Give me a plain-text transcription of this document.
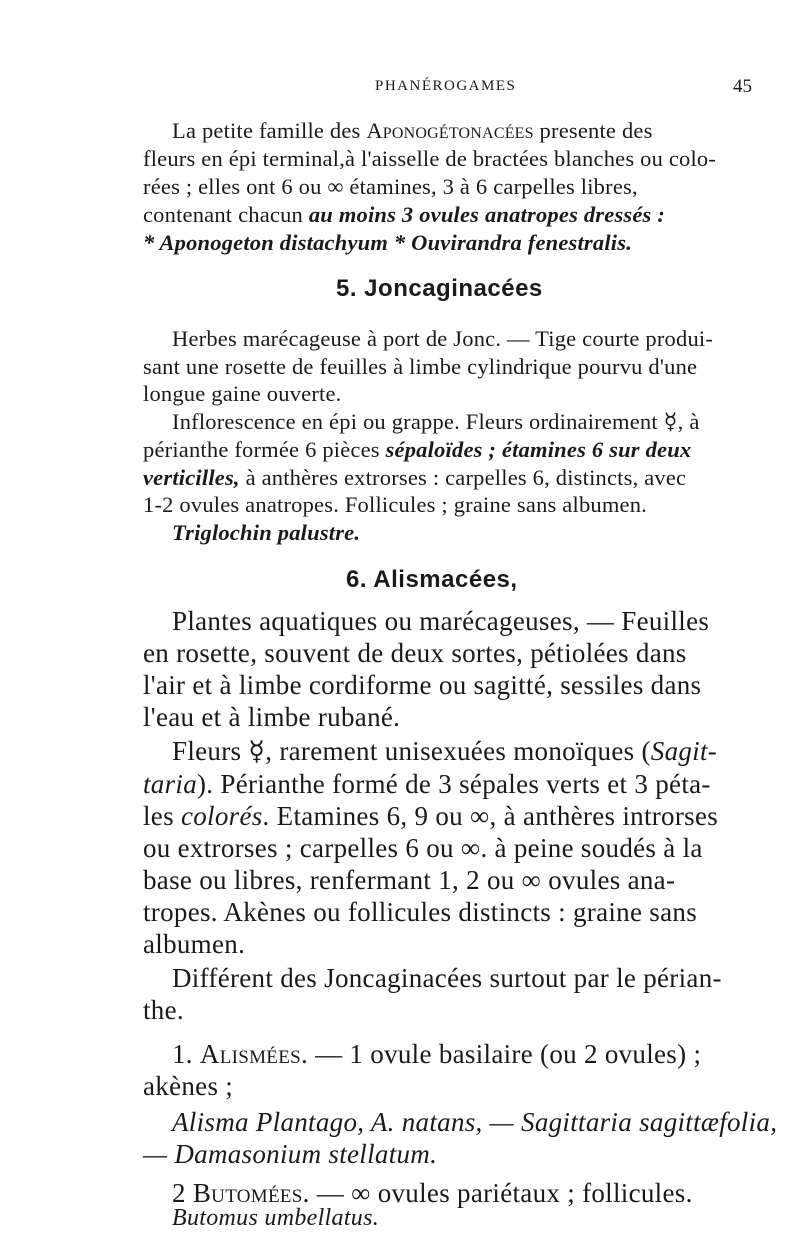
PHANÉROGAMES	45

La petite famille des Aponogétonacées presente des

fleurs en épi terminal,à l'aisselle de bractées blanches ou colo-

rées ; elles ont 6 ou ∞ étamines, 3 à 6 carpelles libres,

contenant chacun au moins 3 ovules anatropes dressés :

* Aponogeton distachyum * Ouvirandra fenestralis.

5. Joncaginacées

Herbes marécageuse à port de Jonc. — Tige courte produi-

sant une rosette de feuilles à limbe cylindrique pourvu d'une

longue gaine ouverte.

Inflorescence en épi ou grappe. Fleurs ordinairement ☿, à

périanthe formée 6 pièces sépaloïdes ; étamines 6 sur deux

verticilles, à anthères extrorses : carpelles 6, distincts, avec

1-2 ovules anatropes. Follicules ; graine sans albumen.

Triglochin palustre.

6. Alismacées,

Plantes aquatiques ou marécageuses, — Feuilles

en rosette, souvent de deux sortes, pétiolées dans

l'air et à limbe cordiforme ou sagitté, sessiles dans

l'eau et à limbe rubané.

Fleurs ☿, rarement unisexuées monoïques (Sagit-

taria). Périanthe formé de 3 sépales verts et 3 péta-

les colorés. Etamines 6, 9 ou ∞, à anthères introrses

ou extrorses ; carpelles 6 ou ∞. à peine soudés à la

base ou libres, renfermant 1, 2 ou ∞ ovules ana-

tropes. Akènes ou follicules distincts : graine sans

albumen.

Différent des Joncaginacées surtout par le périan-

the.

1. Alismées. — 1 ovule basilaire (ou 2 ovules) ;

akènes ;

Alisma Plantago, A. natans, — Sagittaria sagittæfolia,

— Damasonium stellatum.

2 Butomées. — ∞ ovules pariétaux ; follicules.

Butomus umbellatus.
